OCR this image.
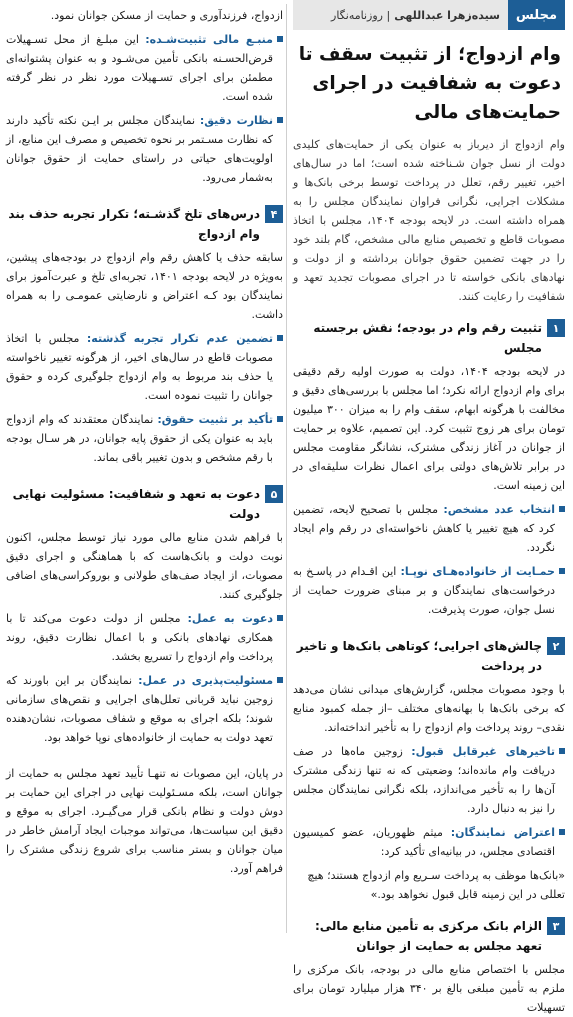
مجلس
سیده‌زهرا عبداللهی
|

روزنامه‌نگار
وام ازدواج؛ از تثبیت سقف تا دعوت به شفافیت در اجرای حمایت‌های مالی
وام ازدواج از دیرباز به عنوان یکی از حمایت‌های کلیدی دولت از نسل جوان شـناخته شده است؛ اما در سال‌های اخیر، تغییر رقم، تعلل در پرداخت توسط برخی بانک‌ها و مشکلات اجرایی، نگرانی فراوان نمایندگان مجلس را به همراه داشته است. در لایحه بودجه ۱۴۰۴، مجلس با اتخاذ مصوبات قاطع و تخصیص منابع مالی مشخص، گام بلند خود را در جهت تضمین حقوق جوانان برداشته و از دولت و نهادهای بانکی خواسته تا در اجرای مصوبات تجدید تعهد و شفافیت را رعایت کنند.
۱
تثبیت رقم وام در بودجه؛ نقش برجسته مجلس

در لایحه بودجه ۱۴۰۴، دولت به صورت اولیه رقم دقیقی برای وام ازدواج ارائه نکرد؛ اما مجلس با بررسی‌های دقیق و مخالفت با هرگونه ابهام، سقف وام را به میزان ۳۰۰ میلیون تومان برای هر زوج تثبیت کرد. این تصمیم، علاوه بر حمایت از جوانان در آغاز زندگی مشترک، نشانگر مقاومت مجلس در برابر تلاش‌های دولتی برای اعمال نظرات سلیقه‌ای در این زمینه است.

انتخاب عدد مشخص: مجلس با تصحیح لایحه، تضمین کرد که هیچ تغییر یا کاهش ناخواسته‌ای در رقم وام ایجاد نگردد.

حمـایت از خانواده‌هـای نوپـا: این اقـدام در پاسـخ به درخواست‌های نمایندگان و بر مبنای ضرورت حمایت از نسل جوان، صورت پذیرفت.

۲
چالش‌های اجرایی؛ کوتاهی بانک‌ها و تاخیر در پرداخت

با وجود مصوبات مجلس، گزارش‌های میدانی نشان می‌دهد که برخی بانک‌ها با بهانه‌های مختلف –از جمله کمبود منابع نقدی– روند پرداخت وام ازدواج را به تأخیر انداخته‌اند.

تاخیرهای غیرقابل قبول: زوجین ماه‌ها در صف دریافت وام مانده‌اند؛ وضعیتی که نه تنها زندگی مشترک آن‌ها را به تأخیر می‌اندازد، بلکه نگرانی نمایندگان مجلس را نیز به دنبال دارد.

اعتراض نمایندگان: میثم ظهوریان، عضو کمیسیون اقتصادی مجلس، در بیانیه‌ای تأکید کرد:

«بانک‌ها موظف به پرداخت سـریع وام ازدواج هستند؛ هیچ تعللی در این زمینه قابل قبول نخواهد بود.»
۳
الزام بانک مرکزی به تأمین منابع مالی: تعهد مجلس به حمایت از جوانان

مجلس با اختصاص منابع مالی در بودجه، بانک مرکزی را ملزم به تأمین مبلغی بالغ بر ۳۴۰ هزار میلیارد تومان برای تسهیلات

ازدواج، فرزندآوری و حمایت از مسکن جوانان نمود.

منبـع مالی تثبیت‌شـده: این مبلـغ از محل تسـهیلات قرض‌الحسـنه بانکی تأمین می‌شـود و به عنوان پشتوانه‌ای مطمئن برای اجرای تسـهیلات مورد نظر در نظر گرفته شده است.

نظارت دقیق: نمایندگان مجلس بر ایـن نکته تأکید دارند که نظارت مسـتمر بر نحوه تخصیص و مصرف این منابع، از اولویت‌های حیاتی در راستای حمایت از حقوق جوانان به‌شمار می‌رود.

۴
درس‌های تلخ گذشـته؛ تکرار تجربه حذف بند وام ازدواج

سابقه حذف یا کاهش رقم وام ازدواج در بودجه‌های پیشین، به‌ویژه در لایحه بودجه ۱۴۰۱، تجربه‌ای تلخ و عبرت‌آموز برای نمایندگان بود کـه اعتراض و نارضایتی عمومـی را به همراه داشت.

تضمین عدم تکرار تجربه گذشته: مجلس با اتخاذ مصوبات قاطع در سال‌های اخیر، از هرگونه تغییر ناخواسته یا حذف بند مربوط به وام ازدواج جلوگیری کرده و حقوق جوانان را تثبیت نموده است.

تأکید بر تثبیت حقوق: نمایندگان معتقدند که وام ازدواج باید به عنوان یکی از حقوق پایه جوانان، در هر سـال بودجه با رقم مشخص و بدون تغییر باقی بماند.

۵
دعوت به تعهد و شفافیت: مسئولیت نهایی دولت

با فراهم شدن منابع مالی مورد نیاز توسط مجلس، اکنون نوبت دولت و بانک‌هاست که با هماهنگی و اجرای دقیق مصوبات، از ایجاد صف‌های طولانی و بوروکراسی‌های اضافی جلوگیری کنند.

دعوت به عمل: مجلس از دولت دعوت می‌کند تا با همکاری نهادهای بانکی و با اعمال نظارت دقیق، روند پرداخت وام ازدواج را تسریع بخشد.

مسئولیت‌پذیری در عمل: نمایندگان بر این باورند که زوجین نباید قربانی تعلل‌های اجرایی و نقص‌های سازمانی شوند؛ بلکه اجرای به موقع و شفاف مصوبات، نشان‌دهنده تعهد دولت به حمایت از خانواده‌های نوپا خواهد بود.

در پایان، این مصوبات نه تنهـا تأیید تعهد مجلس به حمایت از جوانان است، بلکه مسـئولیت نهایی در اجرای این حمایت بر دوش دولت و نظام بانکی قرار می‌گیـرد. اجرای به موقع و دقیق این سیاست‌ها، می‌تواند موجبات ایجاد آرامش خاطر در میان جوانان و بستر مناسب برای شروع زندگی مشترک را فراهم آورد.
